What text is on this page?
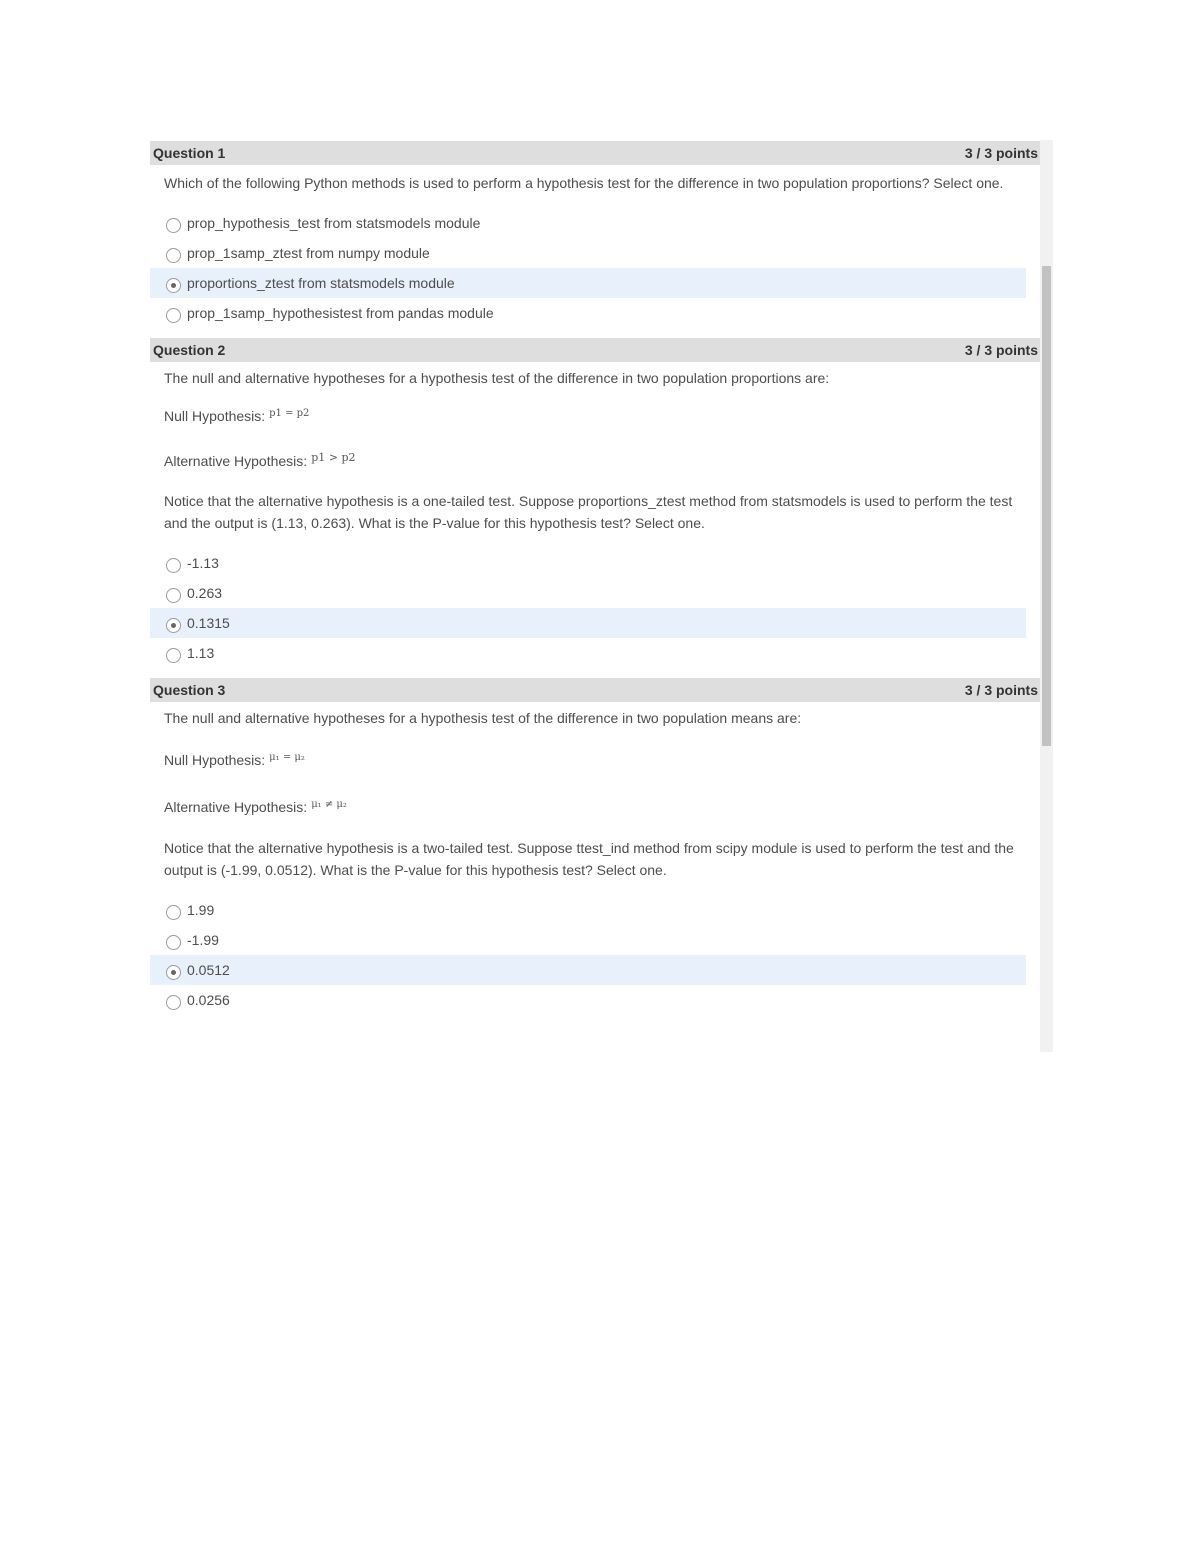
Question 1	3 / 3 points

Which of the following Python methods is used to perform a hypothesis test for the difference in two population proportions? Select one.

prop_hypothesis_test from statsmodels module
prop_1samp_ztest from numpy module
proportions_ztest from statsmodels module
prop_1samp_hypothesistest from pandas module
Question 2	3 / 3 points

The null and alternative hypotheses for a hypothesis test of the difference in two population proportions are:

Null Hypothesis: $^{p1 = p2}$

Alternative Hypothesis: $^{p1 > p2}$

Notice that the alternative hypothesis is a one-tailed test. Suppose proportions_ztest method from statsmodels is used to perform the test and the output is (1.13, 0.263). What is the P-value for this hypothesis test? Select one.

-1.13
0.263
0.1315
1.13
Question 3	3 / 3 points

The null and alternative hypotheses for a hypothesis test of the difference in two population means are:

Null Hypothesis: $^{\mu_1 = \mu_2}$

Alternative Hypothesis: $^{\mu_1 \ne \mu_2}$

Notice that the alternative hypothesis is a two-tailed test. Suppose ttest_ind method from scipy module is used to perform the test and the output is (-1.99, 0.0512). What is the P-value for this hypothesis test? Select one.

1.99
-1.99
0.0512
0.0256
